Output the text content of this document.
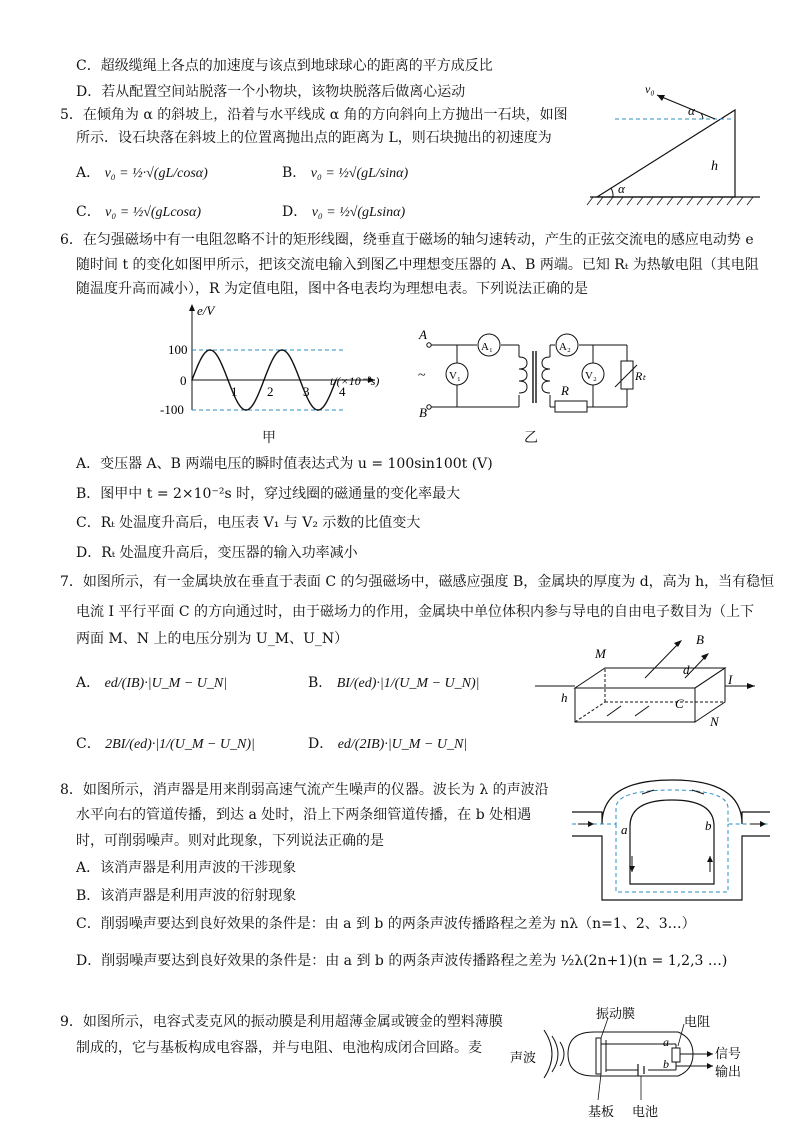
C．超级缆绳上各点的加速度与该点到地球球心的距离的平方成反比
D．若从配置空间站脱落一个小物块，该物块脱落后做离心运动
5．在倾角为 α 的斜坡上，沿着与水平线成 α 角的方向斜向上方抛出一石块，如图
所示．设石块落在斜坡上的位置离抛出点的距离为 L，则石块抛出的初速度为
A． v₀ = ½·√(gL/cosα)	B． v₀ = ½√(gL/sinα)
C． v₀ = ½√(gLcosα)	D． v₀ = ½√(gLsinα)
v₀
α
h
α
6．在匀强磁场中有一电阻忽略不计的矩形线圈，绕垂直于磁场的轴匀速转动，产生的正弦交流电的感应电动势 e
随时间 t 的变化如图甲所示，把该交流电输入到图乙中理想变压器的 A、B 两端。已知 Rₜ 为热敏电阻（其电阻
随温度升高而减小），R 为定值电阻，图中各电表均为理想电表。下列说法正确的是
0
1 2 3 4
100
-100
e/V
t/(×10⁻²s)
甲
A
B
~
A₁
V₁
A₂
V₂
R
Rₜ
乙
A．变压器 A、B 两端电压的瞬时值表达式为 u = 100sin100t (V)
B．图甲中 t = 2×10⁻²s 时，穿过线圈的磁通量的变化率最大
C．Rₜ 处温度升高后，电压表 V₁ 与 V₂ 示数的比值变大
D．Rₜ 处温度升高后，变压器的输入功率减小
7．如图所示，有一金属块放在垂直于表面 C 的匀强磁场中，磁感应强度 B，金属块的厚度为 d，高为 h，当有稳恒
电流 I 平行平面 C 的方向通过时，由于磁场力的作用，金属块中单位体积内参与导电的自由电子数目为（上下
两面 M、N 上的电压分别为 U_M、U_N）
A． ed/(IB)·|U_M − U_N|	B． BI/(ed)·|1/(U_M − U_N)|
C． 2BI/(ed)·|1/(U_M − U_N)|	D． ed/(2IB)·|U_M − U_N|
M
B
d
I
h	C
N
8．如图所示，消声器是用来削弱高速气流产生噪声的仪器。波长为 λ 的声波沿
水平向右的管道传播，到达 a 处时，沿上下两条细管道传播，在 b 处相遇
时，可削弱噪声。则对此现象，下列说法正确的是
A．该消声器是利用声波的干涉现象
B．该消声器是利用声波的衍射现象
C．削弱噪声要达到良好效果的条件是：由 a 到 b 的两条声波传播路程之差为 nλ（n=1、2、3…）
D．削弱噪声要达到良好效果的条件是：由 a 到 b 的两条声波传播路程之差为 ½λ(2n+1)(n = 1,2,3 …)
a	b
9．如图所示，电容式麦克风的振动膜是利用超薄金属或镀金的塑料薄膜
制成的，它与基板构成电容器，并与电阻、电池构成闭合回路。麦
振动膜
电阻
声波
a
b
信号
输出
基板 电池
